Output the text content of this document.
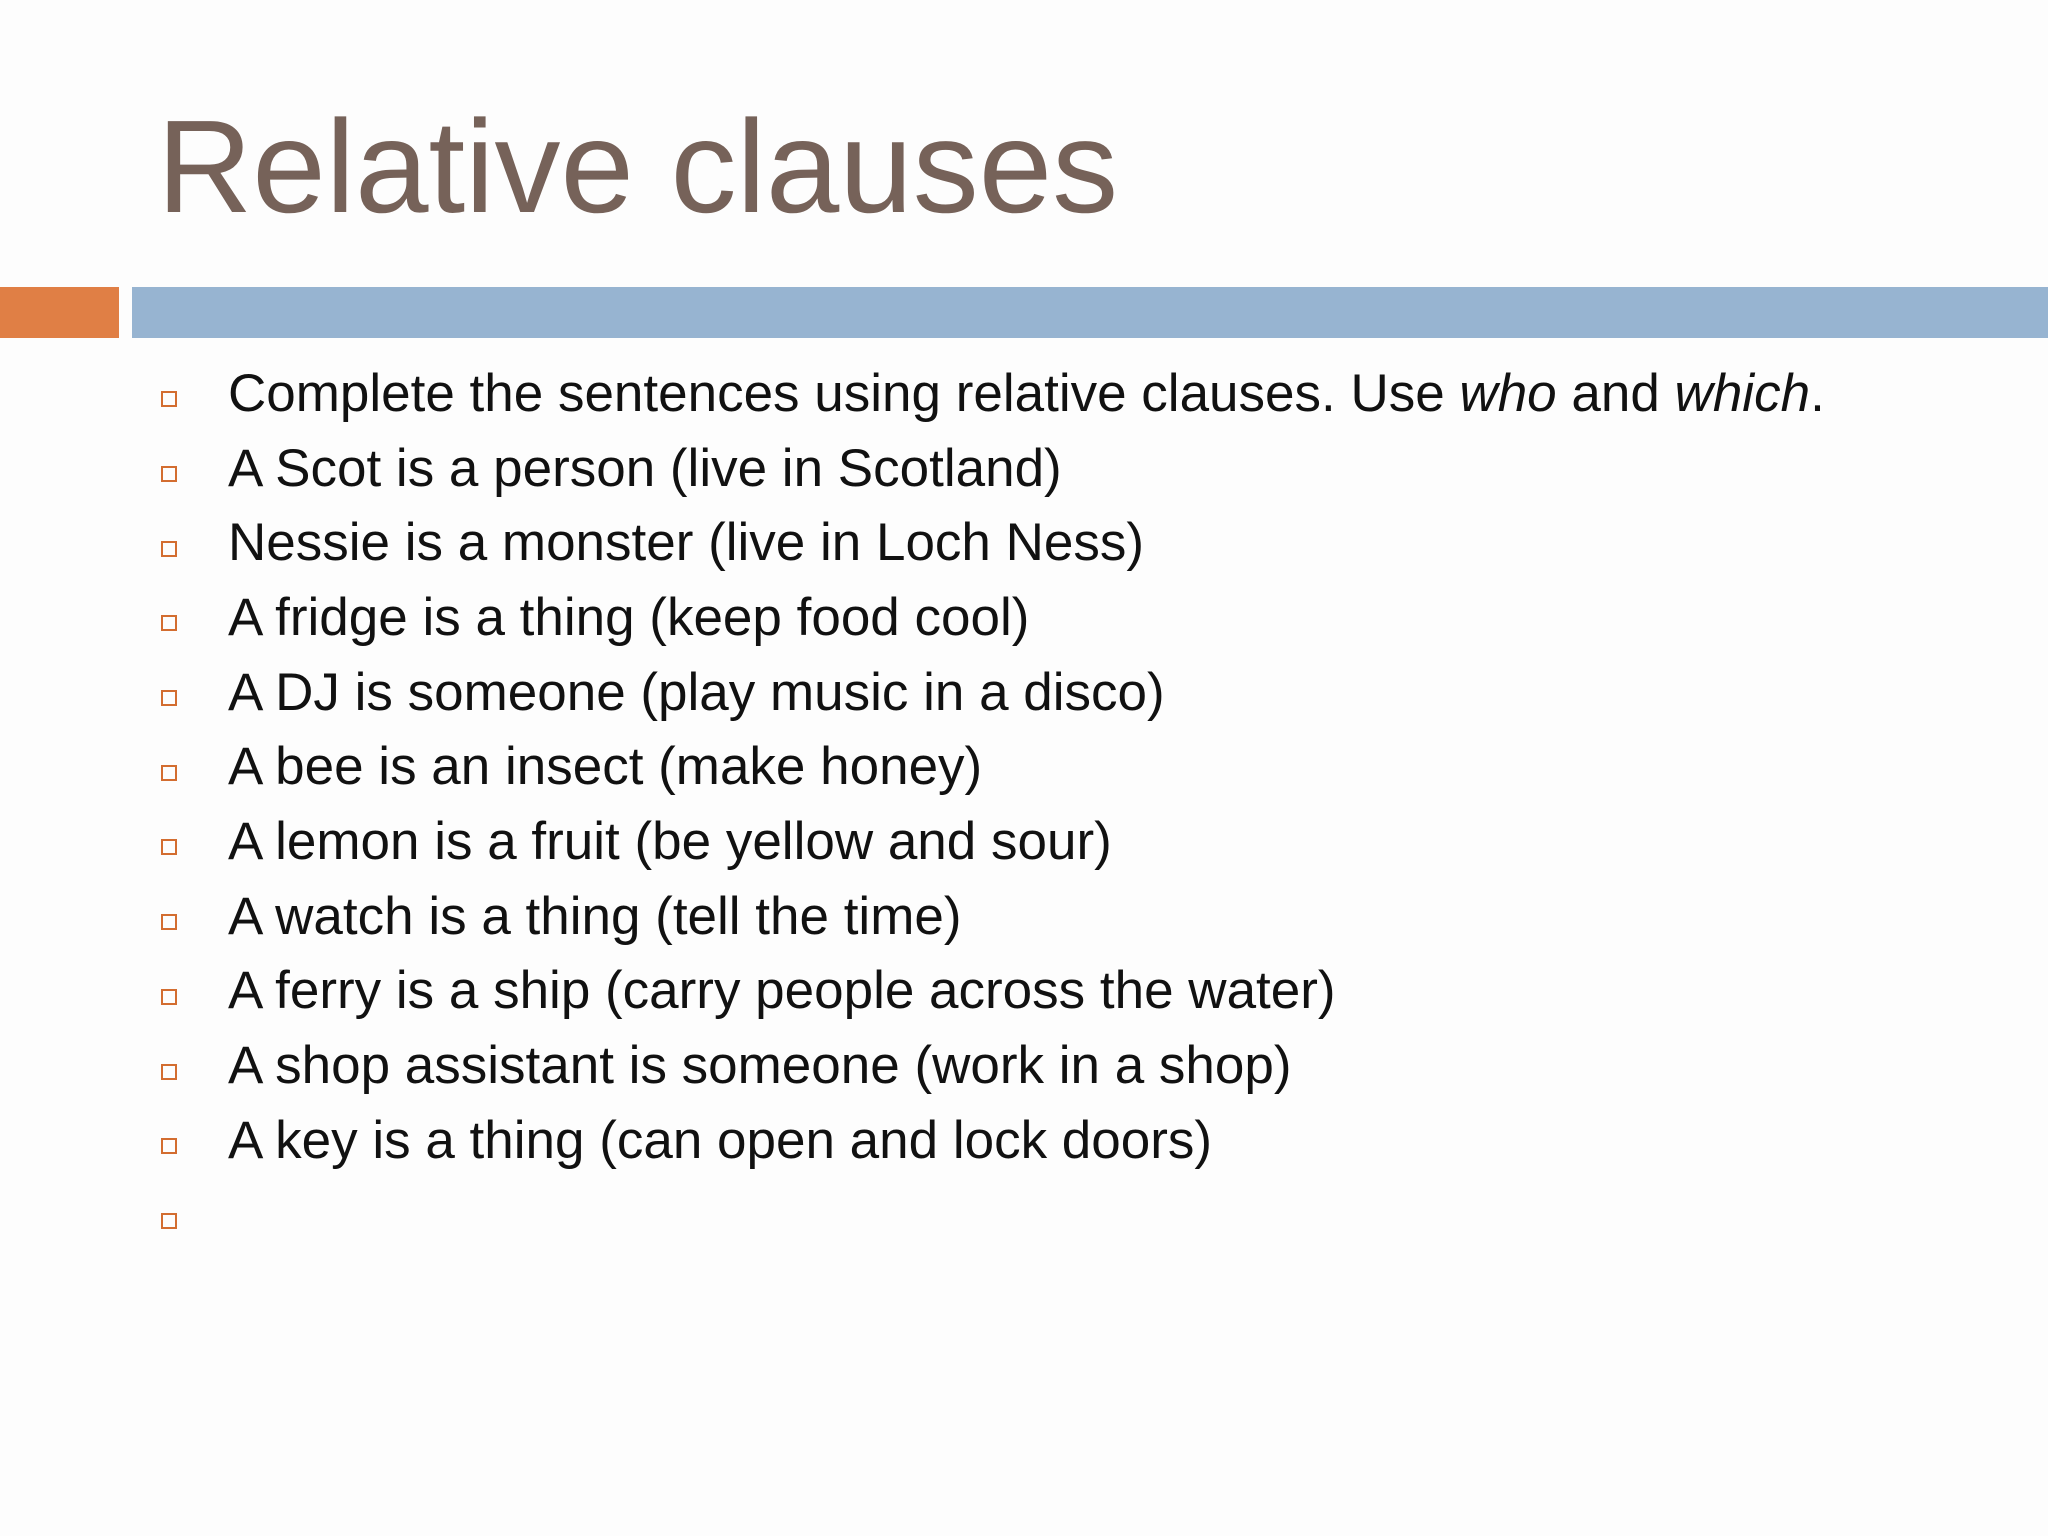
Relative clauses
Complete the sentences using relative clauses. Use who and which.
A Scot is a person (live in Scotland)
Nessie is a monster (live in Loch Ness)
A fridge is a thing (keep food cool)
A DJ is someone (play music in a disco)
A bee is an insect (make honey)
A lemon is a fruit (be yellow and sour)
A watch is a thing (tell the time)
A ferry is a ship (carry people across the water)
A shop assistant is someone (work in a shop)
A key is a thing (can open and lock doors)
